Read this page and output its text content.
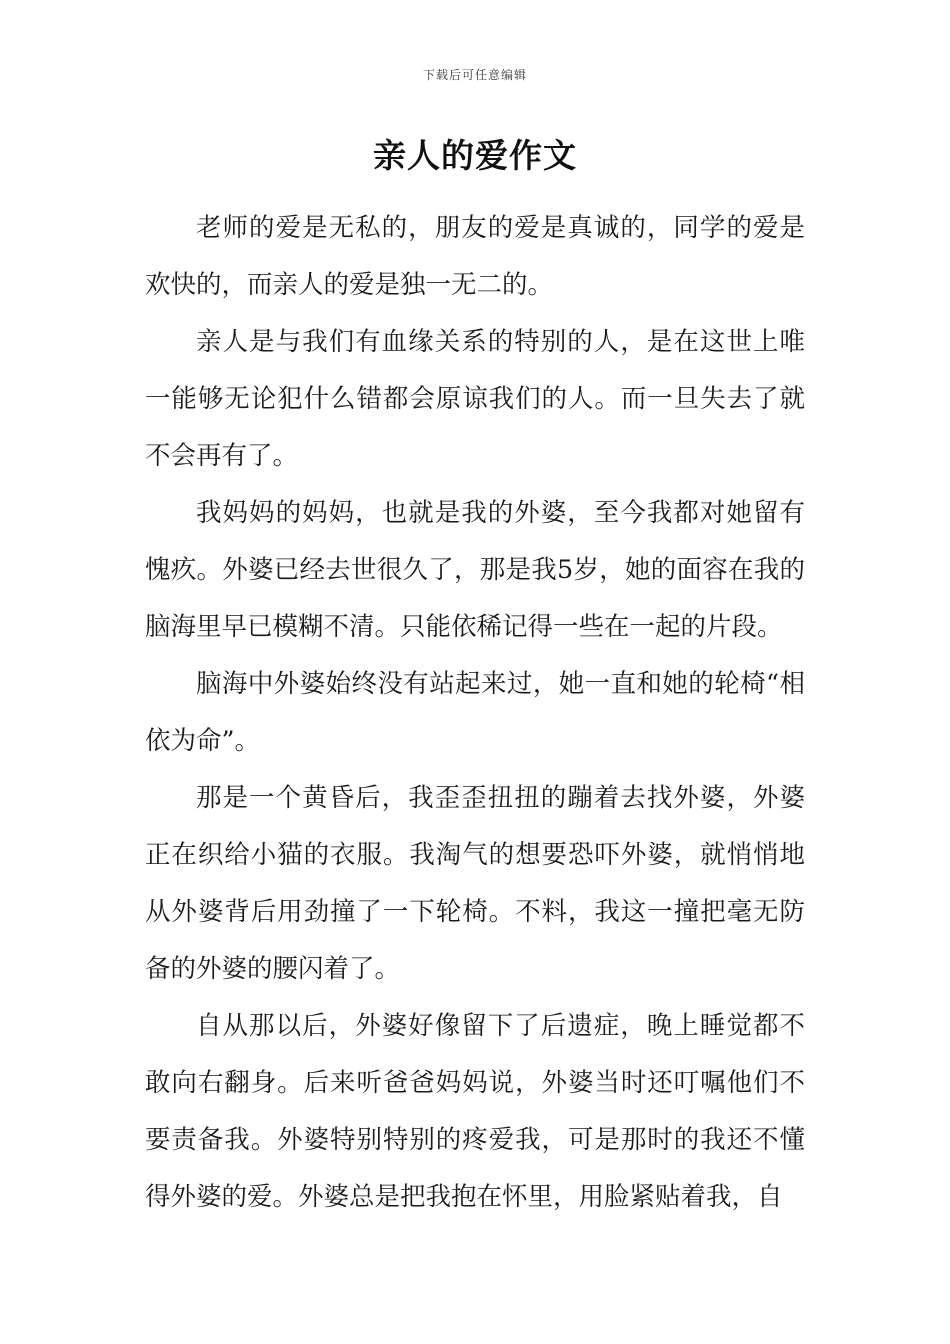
下载后可任意编辑
亲人的爱作文

老师的爱是无私的，朋友的爱是真诚的，同学的爱是欢快的，而亲人的爱是独一无二的。

亲人是与我们有血缘关系的特别的人，是在这世上唯一能够无论犯什么错都会原谅我们的人。而一旦失去了就不会再有了。

我妈妈的妈妈，也就是我的外婆，至今我都对她留有愧疚。外婆已经去世很久了，那是我5岁，她的面容在我的脑海里早已模糊不清。只能依稀记得一些在一起的片段。

脑海中外婆始终没有站起来过，她一直和她的轮椅“相依为命”。

那是一个黄昏后，我歪歪扭扭的蹦着去找外婆，外婆正在织给小猫的衣服。我淘气的想要恐吓外婆，就悄悄地从外婆背后用劲撞了一下轮椅。不料，我这一撞把毫无防备的外婆的腰闪着了。

自从那以后，外婆好像留下了后遗症，晚上睡觉都不敢向右翻身。后来听爸爸妈妈说，外婆当时还叮嘱他们不要责备我。外婆特别特别的疼爱我，可是那时的我还不懂得外婆的爱。外婆总是把我抱在怀里，用脸紧贴着我，自
